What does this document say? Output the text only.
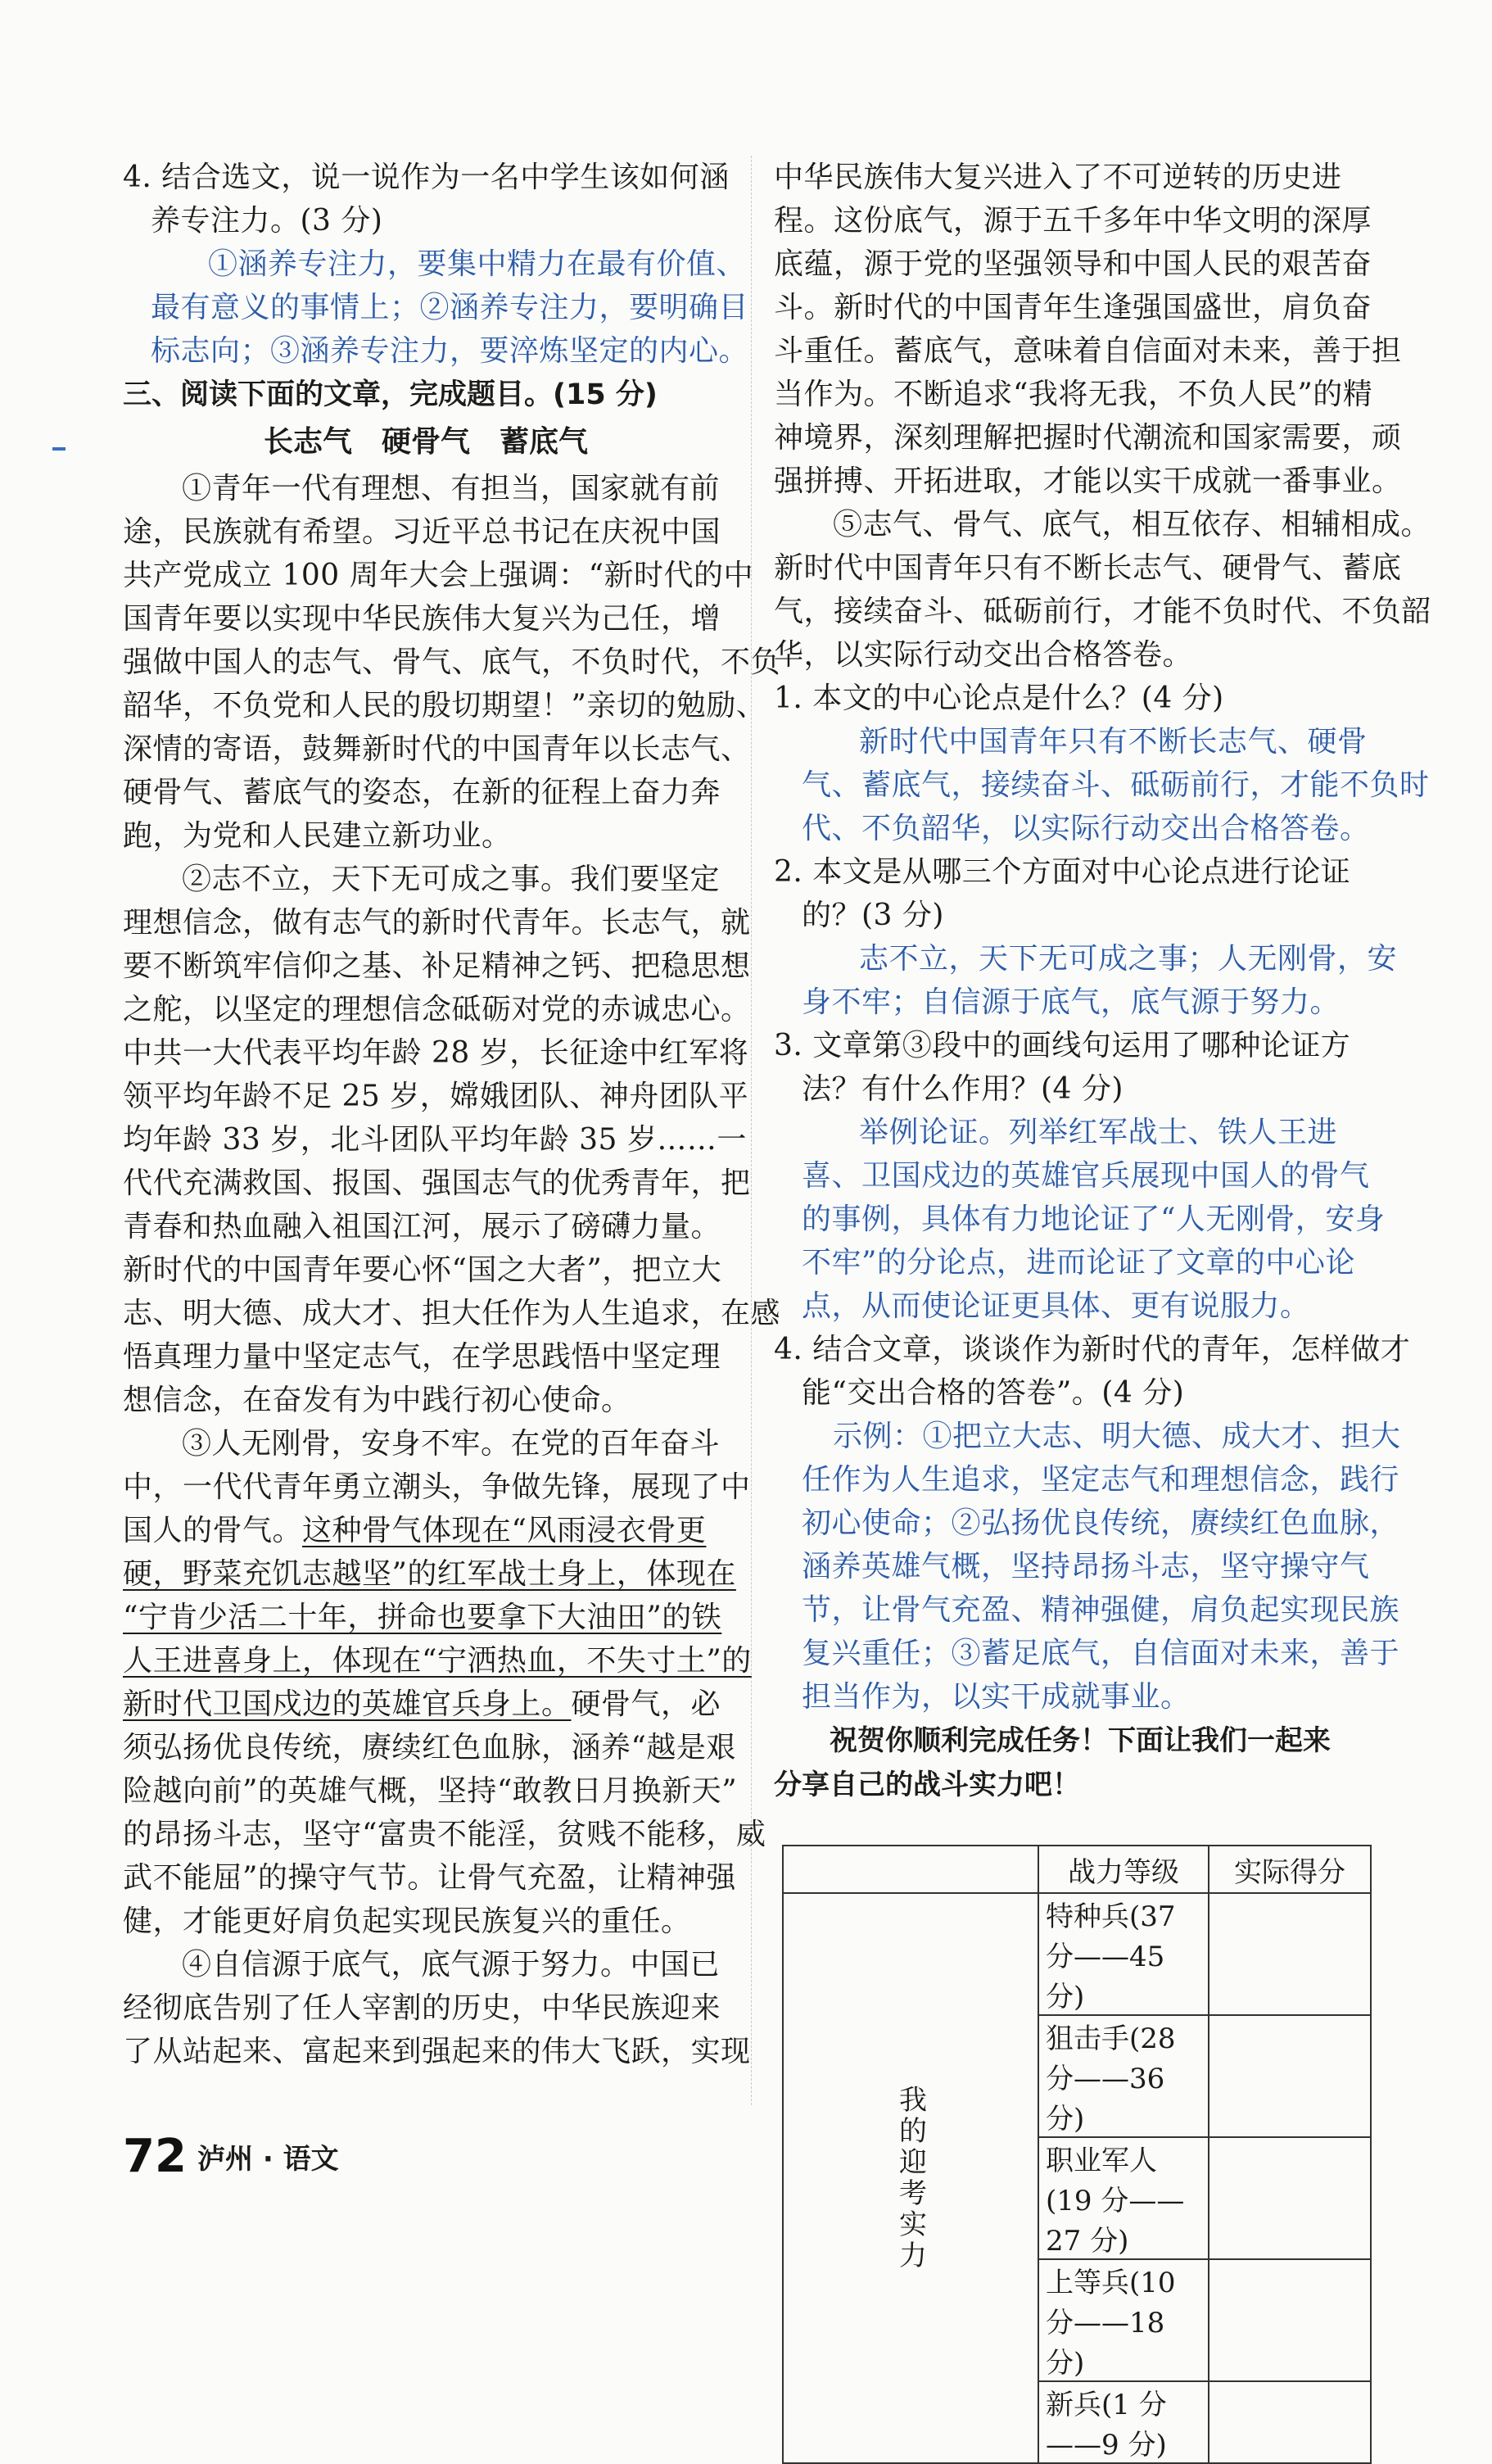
4. 结合选文，说一说作为一名中学生该如何涵
养专注力。(3 分)
①涵养专注力，要集中精力在最有价值、
最有意义的事情上；②涵养专注力，要明确目
标志向；③涵养专注力，要淬炼坚定的内心。
三、阅读下面的文章，完成题目。(15 分)
长志气　硬骨气　蓄底气
①青年一代有理想、有担当，国家就有前
途，民族就有希望。习近平总书记在庆祝中国
共产党成立 100 周年大会上强调：“新时代的中
国青年要以实现中华民族伟大复兴为己任，增
强做中国人的志气、骨气、底气，不负时代，不负
韶华，不负党和人民的殷切期望！”亲切的勉励、
深情的寄语，鼓舞新时代的中国青年以长志气、
硬骨气、蓄底气的姿态，在新的征程上奋力奔
跑，为党和人民建立新功业。
②志不立，天下无可成之事。我们要坚定
理想信念，做有志气的新时代青年。长志气，就
要不断筑牢信仰之基、补足精神之钙、把稳思想
之舵，以坚定的理想信念砥砺对党的赤诚忠心。
中共一大代表平均年龄 28 岁，长征途中红军将
领平均年龄不足 25 岁，嫦娥团队、神舟团队平
均年龄 33 岁，北斗团队平均年龄 35 岁……一
代代充满救国、报国、强国志气的优秀青年，把
青春和热血融入祖国江河，展示了磅礴力量。
新时代的中国青年要心怀“国之大者”，把立大
志、明大德、成大才、担大任作为人生追求，在感
悟真理力量中坚定志气，在学思践悟中坚定理
想信念，在奋发有为中践行初心使命。
③人无刚骨，安身不牢。在党的百年奋斗
中，一代代青年勇立潮头，争做先锋，展现了中
国人的骨气。这种骨气体现在“风雨浸衣骨更
硬，野菜充饥志越坚”的红军战士身上，体现在
“宁肯少活二十年，拼命也要拿下大油田”的铁
人王进喜身上，体现在“宁洒热血，不失寸土”的
新时代卫国戍边的英雄官兵身上。硬骨气，必
须弘扬优良传统，赓续红色血脉，涵养“越是艰
险越向前”的英雄气概，坚持“敢教日月换新天”
的昂扬斗志，坚守“富贵不能淫，贫贱不能移，威
武不能屈”的操守气节。让骨气充盈，让精神强
健，才能更好肩负起实现民族复兴的重任。
④自信源于底气，底气源于努力。中国已
经彻底告别了任人宰割的历史，中华民族迎来
了从站起来、富起来到强起来的伟大飞跃，实现
中华民族伟大复兴进入了不可逆转的历史进
程。这份底气，源于五千多年中华文明的深厚
底蕴，源于党的坚强领导和中国人民的艰苦奋
斗。新时代的中国青年生逢强国盛世，肩负奋
斗重任。蓄底气，意味着自信面对未来，善于担
当作为。不断追求“我将无我，不负人民”的精
神境界，深刻理解把握时代潮流和国家需要，顽
强拼搏、开拓进取，才能以实干成就一番事业。
⑤志气、骨气、底气，相互依存、相辅相成。
新时代中国青年只有不断长志气、硬骨气、蓄底
气，接续奋斗、砥砺前行，才能不负时代、不负韶
华，以实际行动交出合格答卷。
1. 本文的中心论点是什么？(4 分)
新时代中国青年只有不断长志气、硬骨
气、蓄底气，接续奋斗、砥砺前行，才能不负时
代、不负韶华，以实际行动交出合格答卷。
2. 本文是从哪三个方面对中心论点进行论证
的？(3 分)
志不立，天下无可成之事；人无刚骨，安
身不牢；自信源于底气，底气源于努力。
3. 文章第③段中的画线句运用了哪种论证方
法？有什么作用？(4 分)
举例论证。列举红军战士、铁人王进
喜、卫国戍边的英雄官兵展现中国人的骨气
的事例，具体有力地论证了“人无刚骨，安身
不牢”的分论点，进而论证了文章的中心论
点，从而使论证更具体、更有说服力。
4. 结合文章，谈谈作为新时代的青年，怎样做才
能“交出合格的答卷”。(4 分)
示例：①把立大志、明大德、成大才、担大
任作为人生追求，坚定志气和理想信念，践行
初心使命；②弘扬优良传统，赓续红色血脉，
涵养英雄气概，坚持昂扬斗志，坚守操守气
节，让骨气充盈、精神强健，肩负起实现民族
复兴重任；③蓄足底气，自信面对未来，善于
担当作为，以实干成就事业。
祝贺你顺利完成任务！下面让我们一起来
分享自己的战斗实力吧！
	战力等级	实际得分
我的迎考实力	特种兵(37 分——45 分)	
	狙击手(28 分——36 分)	
	职业军人(19 分——27 分)	
	上等兵(10 分——18 分)	
	新兵(1 分——9 分)	
72 泸州 · 语文
